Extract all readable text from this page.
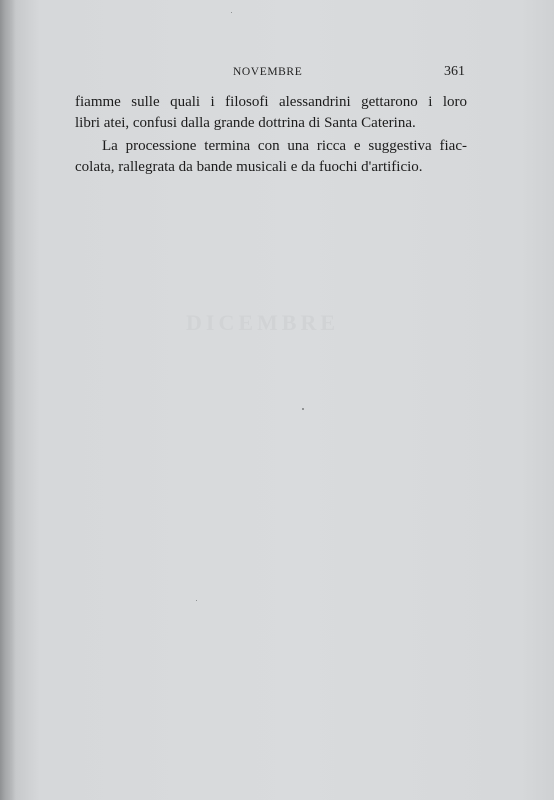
NOVEMBRE	361
fiamme sulle quali i filosofi alessandrini gettarono i loro
libri atei, confusi dalla grande dottrina di Santa Caterina.
La processione termina con una ricca e suggestiva fiac-
colata, rallegrata da bande musicali e da fuochi d'artificio.
DICEMBRE
